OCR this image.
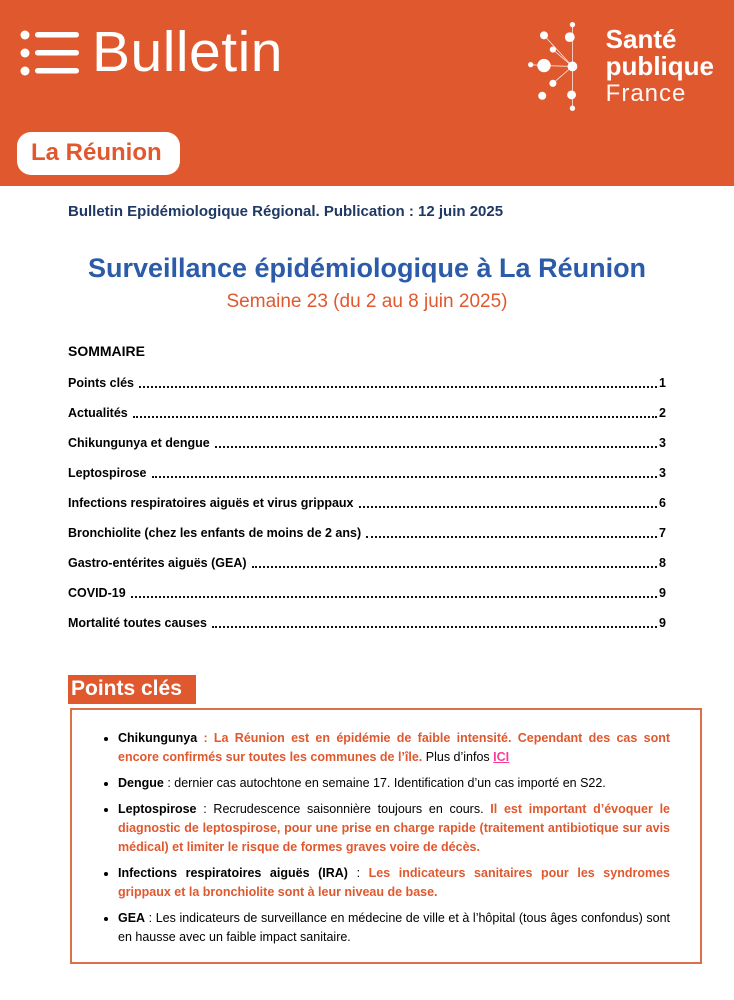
Bulletin	Santé
publique
France
La Réunion

Bulletin Epidémiologique Régional. Publication : 12 juin 2025

Surveillance épidémiologique à La Réunion
Semaine 23 (du 2 au 8 juin 2025)
SOMMAIRE
Points clés	1
Actualités	2
Chikungunya et dengue	3
Leptospirose	3
Infections respiratoires aiguës et virus grippaux	6
Bronchiolite (chez les enfants de moins de 2 ans)	7
Gastro-entérites aiguës (GEA)	8
COVID-19	9
Mortalité toutes causes	9
Points clés
• Chikungunya : La Réunion est en épidémie de faible intensité. Cependant des cas sont encore confirmés sur toutes les communes de l’île. Plus d’infos ICI
• Dengue : dernier cas autochtone en semaine 17. Identification d’un cas importé en S22.
• Leptospirose : Recrudescence saisonnière toujours en cours. Il est important d’évoquer le diagnostic de leptospirose, pour une prise en charge rapide (traitement antibiotique sur avis médical) et limiter le risque de formes graves voire de décès.
• Infections respiratoires aiguës (IRA) : Les indicateurs sanitaires pour les syndromes grippaux et la bronchiolite sont à leur niveau de base.
• GEA : Les indicateurs de surveillance en médecine de ville et à l’hôpital (tous âges confondus) sont en hausse avec un faible impact sanitaire.
